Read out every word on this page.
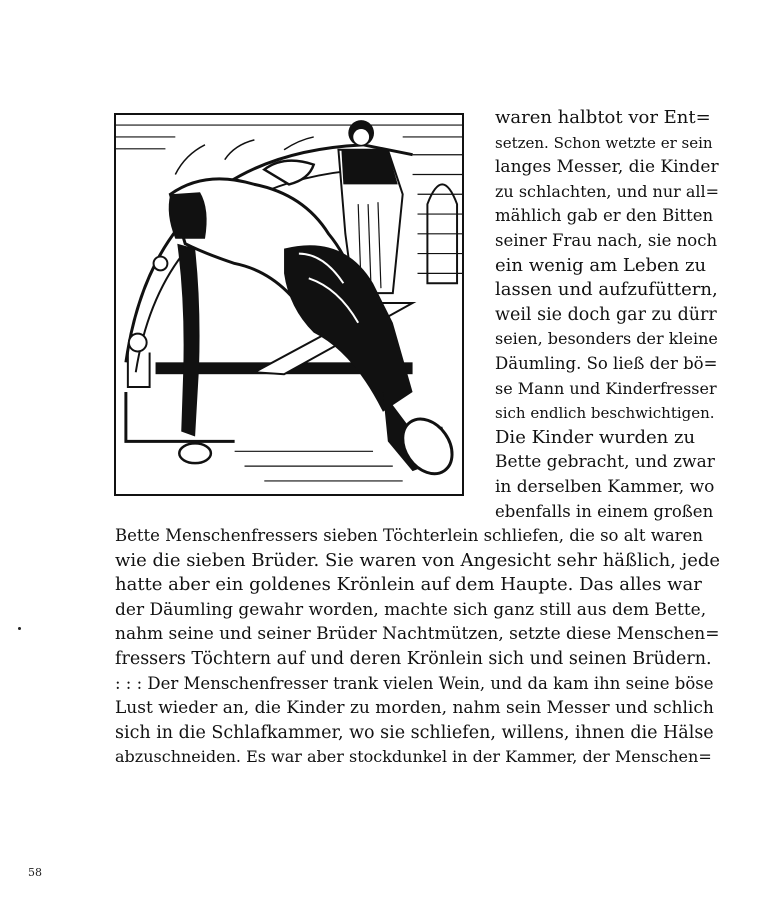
waren halbtot vor Ent=

setzen. Schon wetzte er sein

langes Messer, die Kinder

zu schlachten, und nur all=

mählich gab er den Bitten

seiner Frau nach, sie noch

ein wenig am Leben zu

lassen und aufzufüttern,

weil sie doch gar zu dürr

seien, besonders der kleine

Däumling. So ließ der bö=

se Mann und Kinderfresser

sich endlich beschwichtigen.

Die Kinder wurden zu

Bette gebracht, und zwar

in derselben Kammer, wo

ebenfalls in einem großen

Bette Menschenfressers sieben Töchterlein schliefen, die so alt waren

wie die sieben Brüder. Sie waren von Angesicht sehr häßlich, jede

hatte aber ein goldenes Krönlein auf dem Haupte. Das alles war

der Däumling gewahr worden, machte sich ganz still aus dem Bette,

nahm seine und seiner Brüder Nachtmützen, setzte diese Menschen=

fressers Töchtern auf und deren Krönlein sich und seinen Brüdern.

: : : Der Menschenfresser trank vielen Wein, und da kam ihn seine böse

Lust wieder an, die Kinder zu morden, nahm sein Messer und schlich

sich in die Schlafkammer, wo sie schliefen, willens, ihnen die Hälse

abzuschneiden. Es war aber stockdunkel in der Kammer, der Menschen=

58
